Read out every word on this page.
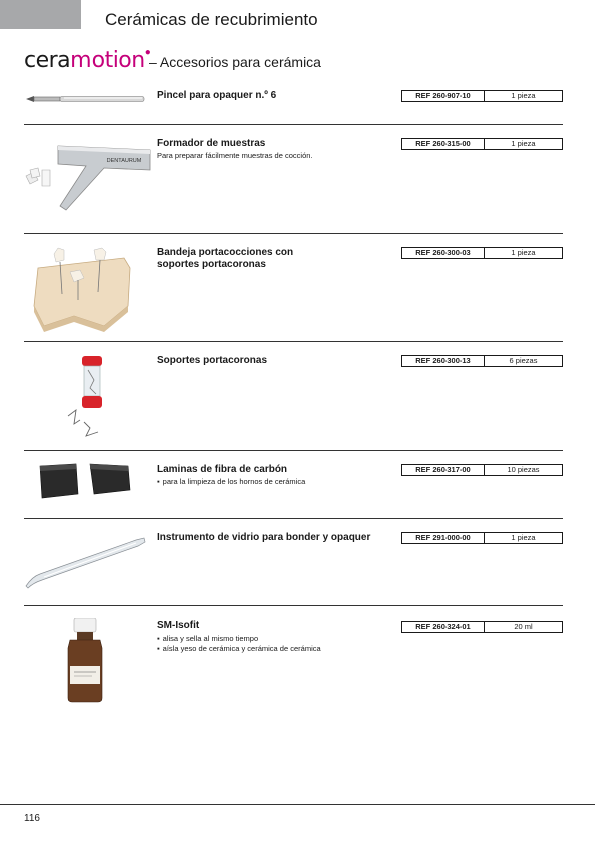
Cerámicas de recubrimiento
cera m otion ●
– Accesorios para cerámica
Pincel para opaquer n.º 6	REF 260-907-10	1 pieza
DENTAURUM
Formador de muestras
Para preparar fácilmente muestras de cocción.
REF 260-315-00	1 pieza
Bandeja portacocciones con
soportes portacoronas
REF 260-300-03	1 pieza
Soportes portacoronas	REF 260-300-13	6 piezas
Laminas de fibra de carbón
▪ para la limpieza de los hornos de cerámica
REF 260-317-00	10 piezas
Instrumento de vidrio para bonder y opaquer	REF 291-000-00	1 pieza
SM-Isofit
▪ alisa y sella al mismo tiempo
▪ aísla yeso de cerámica y cerámica de cerámica
REF 260-324-01	20 ml
116
